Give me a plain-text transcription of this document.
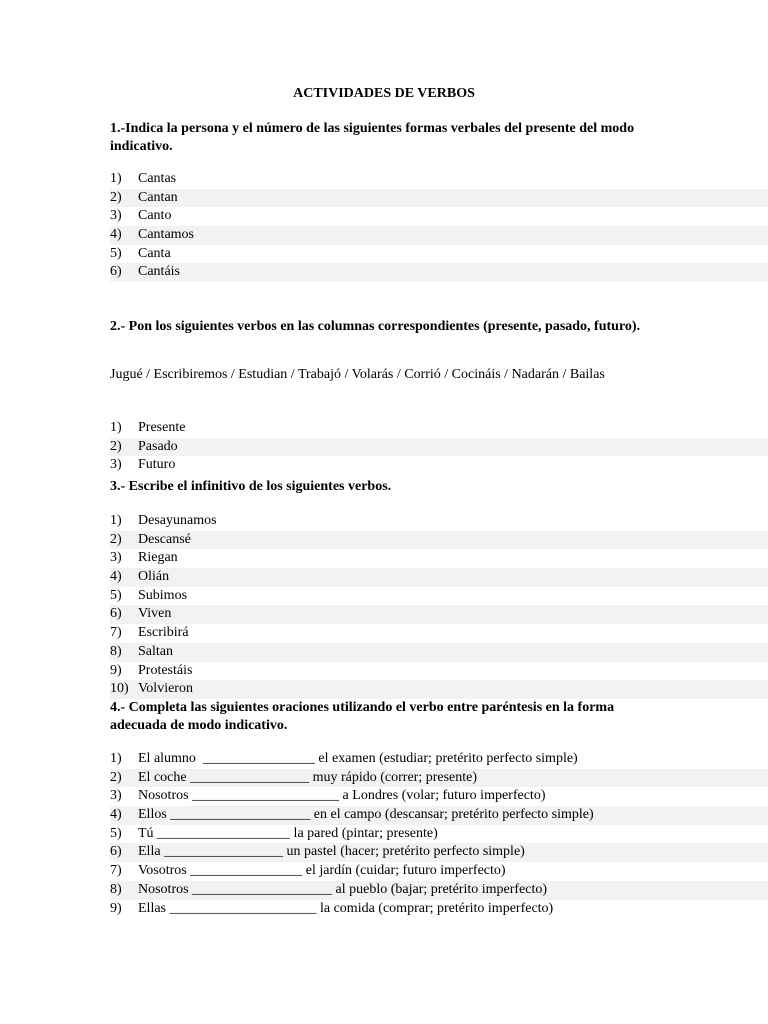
ACTIVIDADES DE VERBOS
1.-Indica la persona y el número de las siguientes formas verbales del presente del modo indicativo.
1)	Cantas
2)	Cantan
3)	Canto
4)	Cantamos
5)	Canta
6)	Cantáis
2.- Pon los siguientes verbos en las columnas correspondientes (presente, pasado, futuro).
Jugué / Escribiremos / Estudian / Trabajó / Volarás / Corrió / Cocináis / Nadarán / Bailas
1)	Presente
2)	Pasado
3)	Futuro
3.- Escribe el infinitivo de los siguientes verbos.
1)	Desayunamos
2)	Descansé
3)	Riegan
4)	Olián
5)	Subimos
6)	Viven
7)	Escribirá
8)	Saltan
9)	Protestáis
10) Volvieron
4.- Completa las siguientes oraciones utilizando el verbo entre paréntesis en la forma adecuada de modo indicativo.
1)	El alumno  ________________ el examen (estudiar; pretérito perfecto simple)
2)	El coche _________________ muy rápido (correr; presente)
3)	Nosotros _____________________ a Londres (volar; futuro imperfecto)
4)	Ellos ____________________ en el campo (descansar; pretérito perfecto simple)
5)	Tú ___________________ la pared (pintar; presente)
6)	Ella _________________ un pastel (hacer; pretérito perfecto simple)
7)	Vosotros ________________ el jardín (cuidar; futuro imperfecto)
8)	Nosotros ____________________ al pueblo (bajar; pretérito imperfecto)
9)	Ellas _____________________ la comida (comprar; pretérito imperfecto)
